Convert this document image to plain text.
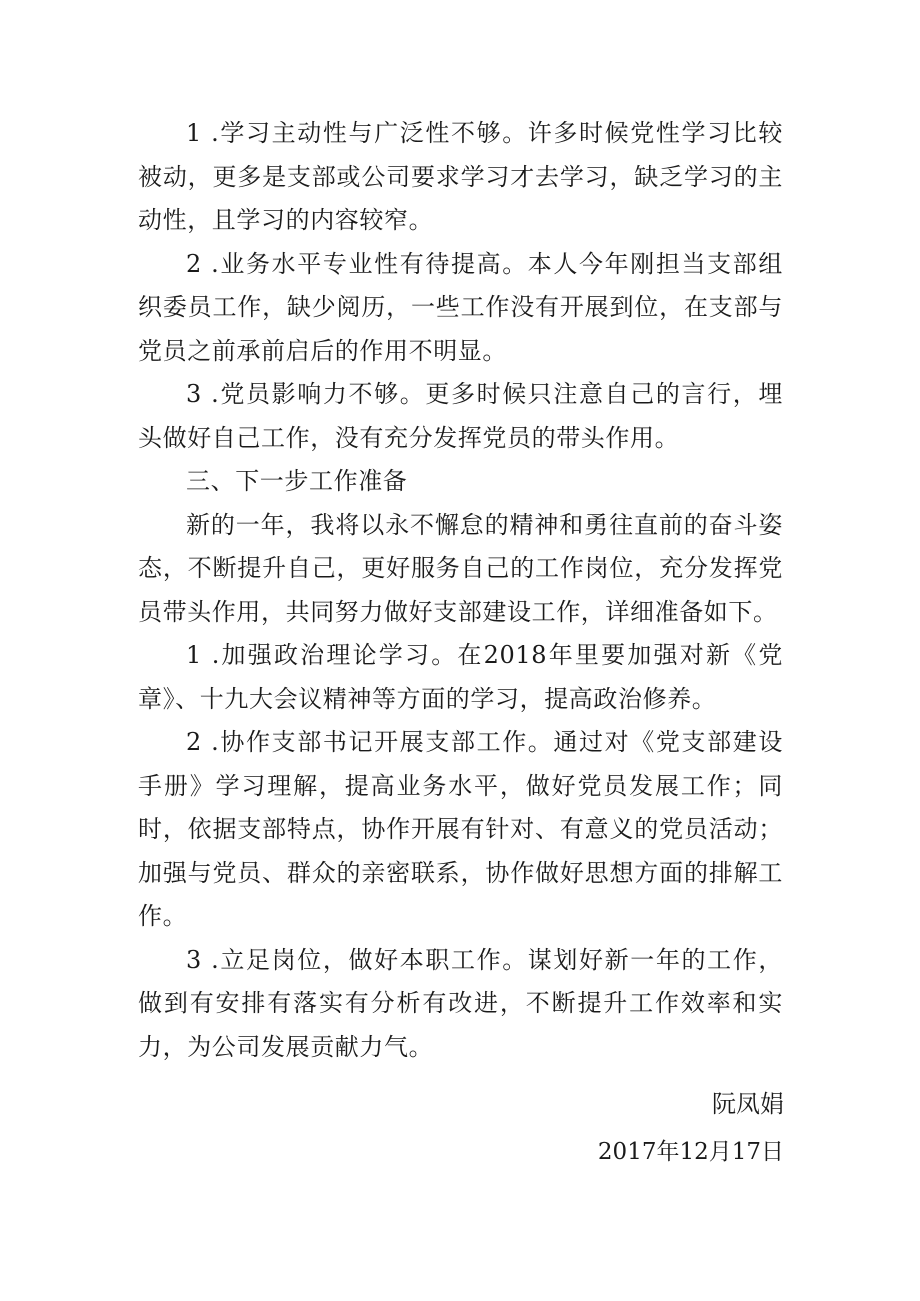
1 .学习主动性与广泛性不够。许多时候党性学习比较被动，更多是支部或公司要求学习才去学习，缺乏学习的主动性，且学习的内容较窄。

2 .业务水平专业性有待提高。本人今年刚担当支部组织委员工作，缺少阅历，一些工作没有开展到位，在支部与党员之前承前启后的作用不明显。

3 .党员影响力不够。更多时候只注意自己的言行，埋头做好自己工作，没有充分发挥党员的带头作用。

三、下一步工作准备

新的一年，我将以永不懈怠的精神和勇往直前的奋斗姿态，不断提升自己，更好服务自己的工作岗位，充分发挥党员带头作用，共同努力做好支部建设工作，详细准备如下。

1 .加强政治理论学习。在2018年里要加强对新《党章》、十九大会议精神等方面的学习，提高政治修养。

2 .协作支部书记开展支部工作。通过对《党支部建设手册》学习理解，提高业务水平，做好党员发展工作；同时，依据支部特点，协作开展有针对、有意义的党员活动；加强与党员、群众的亲密联系，协作做好思想方面的排解工作。

3 .立足岗位，做好本职工作。谋划好新一年的工作，做到有安排有落实有分析有改进，不断提升工作效率和实力，为公司发展贡献力气。

阮凤娟
2017年12月17日
